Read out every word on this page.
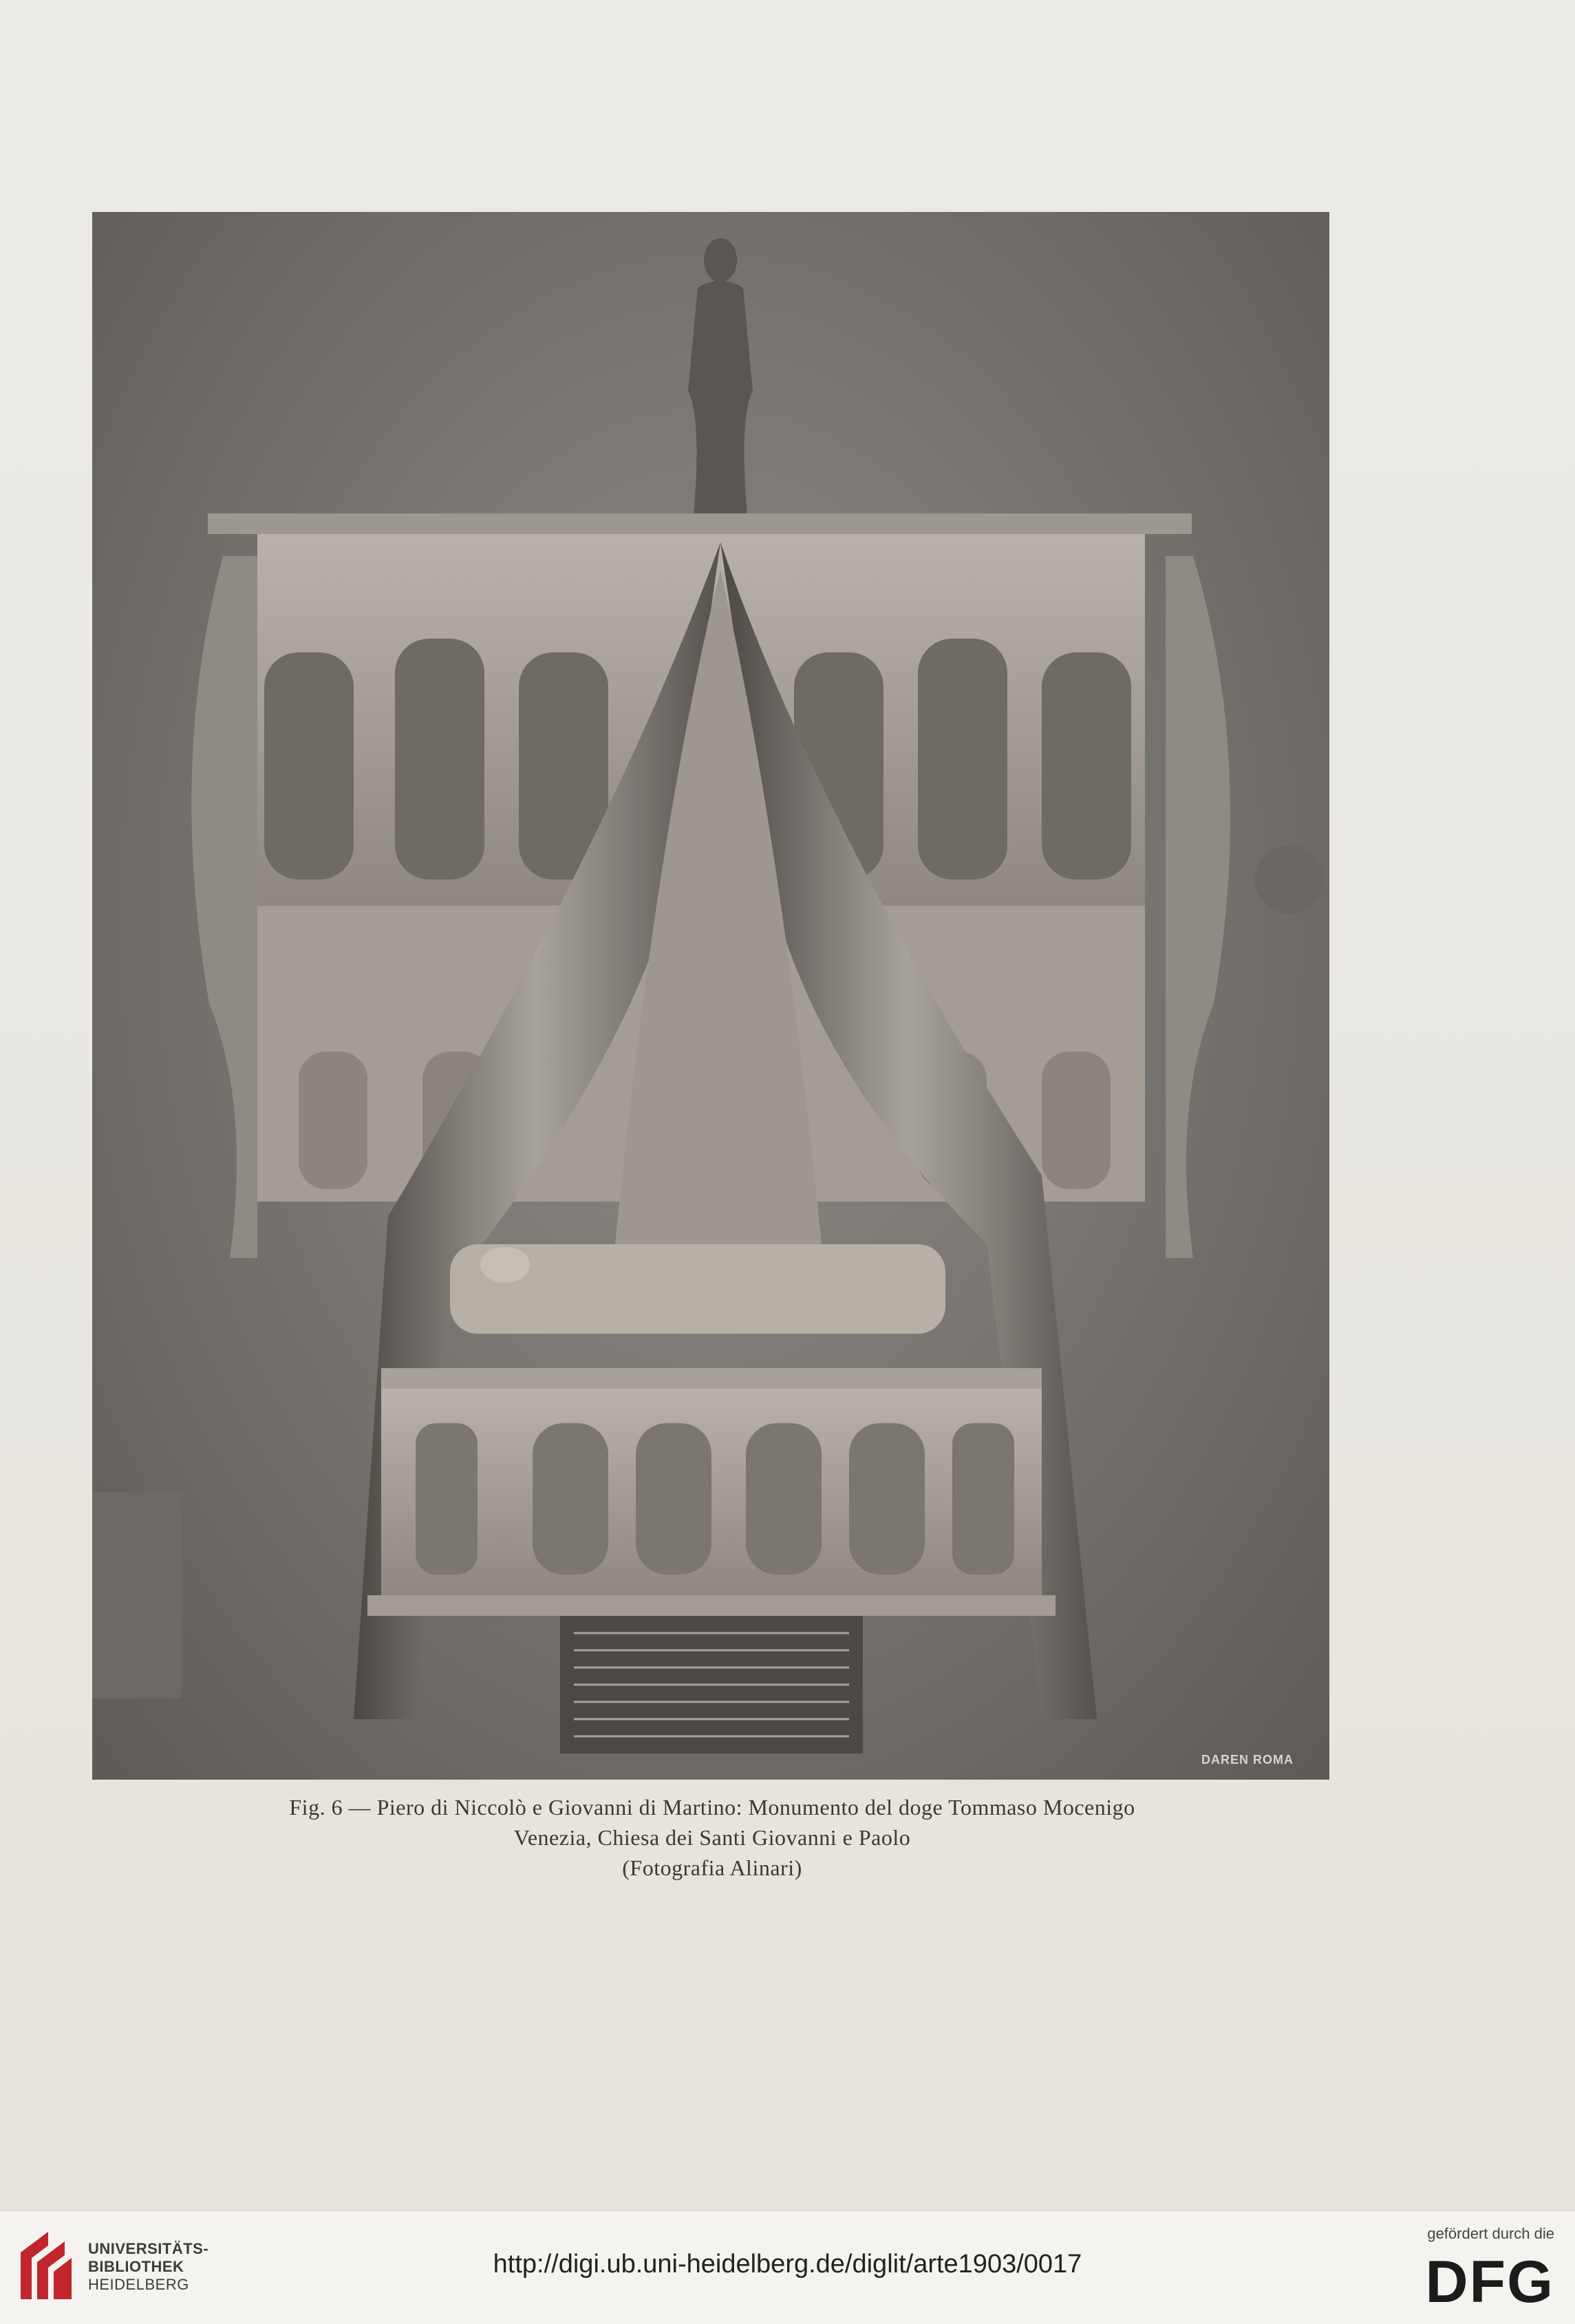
DAREN ROMA
Fig. 6 — Piero di Niccolò e Giovanni di Martino: Monumento del doge Tommaso Mocenigo
Venezia, Chiesa dei Santi Giovanni e Paolo
(Fotografia Alinari)
UNIVERSITÄTS-
BIBLIOTHEK
HEIDELBERG
http://digi.ub.uni-heidelberg.de/diglit/arte1903/0017
gefördert durch die
DFG
